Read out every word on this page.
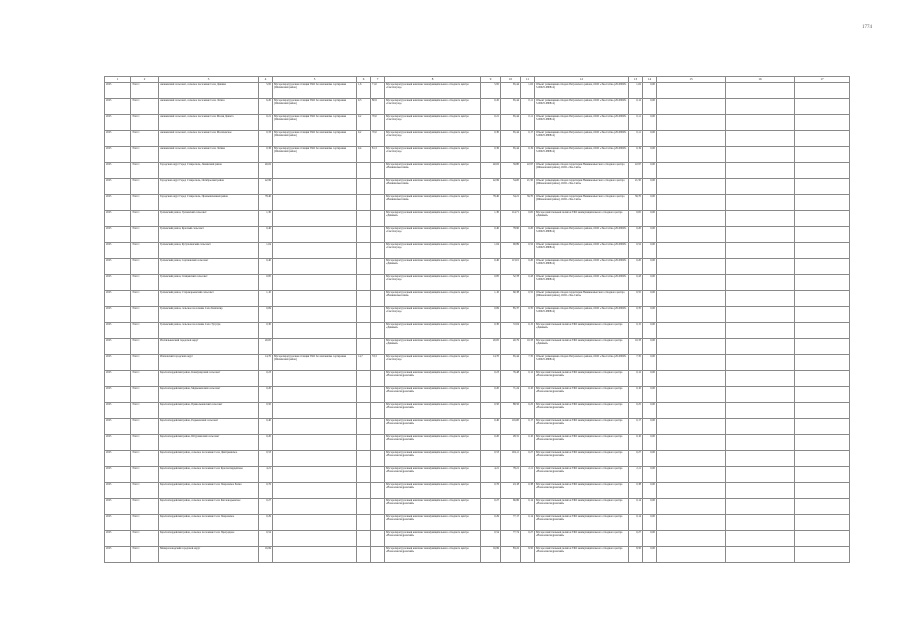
1774
1	2	3	4	5	6	7	8	9	10	11	12	13	14	15	16	17
2025	Этап 1	Акашевский сельсовет, сельское поселение Село Дашино	5,95	Мусороперегрузочная станция ТКО без механизма сортировки (Шалинский район)	1,6	71,0	Мусороперегрузочный комплекс межмуниципального отходного центра «Светлоград»	5,95	65,44	1,02	Объект размещения отходов Петровского района, ООО «Эко-Сити» (26-00028-З-00025-080814)	1,02	0,00			
2025	Этап 1	Акашевский сельсовет, сельское поселение Село Латиза	6,20	Мусороперегрузочная станция ТКО без механизма сортировки (Шалинский район)	0,3	80,9	Мусороперегрузочный комплекс межмуниципального отходного центра «Светлоград»	0,45	65,44	0,11	Объект размещения отходов Петровского района, ООО «Эко-Сити» (26-00028-З-00025-080814)	0,12	0,00			
2025	Этап 1	Акашевский сельсовет, сельское поселение Село Малая Дашета	0,21	Мусороперегрузочная станция ТКО без механизма сортировки (Шалинский район)	0,2	70,0	Мусороперегрузочный комплекс межмуниципального отходного центра «Светлоград»	0,21	65,44	0,11	Объект размещения отходов Петровского района, ООО «Эко-Сити» (26-00028-З-00025-080814)	0,11	0,00			
2025	Этап 1	Акашевский сельсовет, сельское поселение Село Малачевское	0,33	Мусороперегрузочная станция ТКО без механизма сортировки (Шалинский район)	0,2	70,0	Мусороперегрузочный комплекс межмуниципального отходного центра «Светлоград»	0,30	65,44	0,17	Объект размещения отходов Петровского района, ООО «Эко-Сити» (26-00028-З-00025-080814)	0,11	0,00			
2025	Этап 1	Акашевский сельсовет, сельское поселение Село Латино	0,36	Мусороперегрузочная станция ТКО без механизма сортировки (Шалинский район)	0,4	81,3	Мусороперегрузочный комплекс межмуниципального отходного центра «Светлоград»	0,36	65,44	0,19	Объект размещения отходов Петровского района, ООО «Эко-Сити» (26-00028-З-00025-080814)	0,19	0,00			
2025	Этап 1	Городской округ Город Ставрополь, Ленинский район	40,02				Мусороперегрузочный комплекс межмуниципального отходного центра «Невинномысский»	40,02	59,80	22,97	Объект размещения отходов территории Невинномысского отходного центра (Шпаковский район), ООО «Эко-Сити»	22,97	0,00			
2025	Этап 1	Городской округ Город Ставрополь, Октябрьский район	42,99				Мусороперегрузочный комплекс межмуниципального отходного центра «Невинномысский»	42,99	34,00	21,50	Объект размещения отходов территории Невинномысского отходного центра (Шпаковский район), ООО «Эко-Сити»	21,50	0,00			
2025	Этап 1	Городской округ Город Ставрополь, Промышленный район	78,40				Мусороперегрузочный комплекс межмуниципального отходного центра «Невинномысский»	78,40	34,21	39,70	Объект размещения отходов территории Невинномысского отходного центра (Шпаковский район), ООО «Эко-Сити»	39,70	0,00			
2025	Этап 1	Грачевский район, Грачевский сельсовет	1,30				Мусороперегрузочный комплекс межмуниципального отходного центра «Дивный»	1,30	114,71	0,65	Мусоросжигательный полигон ТБО межмуниципального отходного центра «Дивный»	0,65	0,00			
2025	Этап 1	Грачевский район, Красный сельсовет	0,40				Мусороперегрузочный комплекс межмуниципального отходного центра «Светлоград»	0,40	78,90	0,20	Объект размещения отходов Петровского района, ООО «Эко-Сити» (26-00028-З-00025-080814)	0,20	0,00			
2025	Этап 1	Грачевский район, Кугультинский сельсовет	1,04				Мусороперегрузочный комплекс межмуниципального отходного центра «Светлоград»	1,04	90,89	0,52	Объект размещения отходов Петровского района, ООО «Эко-Сити» (26-00028-З-00025-080814)	0,52	0,00			
2025	Этап 1	Грачевский район, Сергиевский сельсовет	0,40				Мусороперегрузочный комплекс межмуниципального отходного центра «Дивный»	0,40	113,01	0,20	Объект размещения отходов Петровского района, ООО «Эко-Сити» (26-00028-З-00025-080814)	0,20	0,00			
2025	Этап 1	Грачевский район, Спицевский сельсовет	0,85				Мусороперегрузочный комплекс межмуниципального отходного центра «Светлоград»	0,85	52,78	0,43	Объект размещения отходов Петровского района, ООО «Эко-Сити» (26-00028-З-00025-080814)	0,43	0,00			
2025	Этап 1	Грачевский район, Старомарьевский сельсовет	1,10				Мусороперегрузочный комплекс межмуниципального отходного центра «Невинномысский»	1,10	60,38	0,55	Объект размещения отходов территории Невинномысского отходного центра (Шпаковский район), ООО «Эко-Сити»	0,55	0,00			
2025	Этап 1	Грачевский район, сельское поселение Село Бешпагир	0,69				Мусороперегрузочный комплекс межмуниципального отходного центра «Светлоград»	0,69	85,37	0,35	Объект размещения отходов Петровского района, ООО «Эко-Сити» (26-00028-З-00025-080814)	0,35	0,00			
2025	Этап 1	Грачевский район, сельское поселение Село Тугулук	0,30				Мусороперегрузочный комплекс межмуниципального отходного центра «Дивный»	0,30	72,04	0,15	Мусоросжигательный полигон ТБО межмуниципального отходного центра «Дивный»	0,15	0,00			
2025	Этап 1	Изобильненский городской округ	20,65				Мусороперегрузочный комплекс межмуниципального отходного центра «Дивный»	20,65	40,79	10,33	Мусоросжигательный полигон ТБО межмуниципального отходного центра «Дивный»	10,33	0,00			
2025	Этап 1	Ипатовский городской округ	14,70	Мусороперегрузочная станция ТКО без механизма сортировки (Шалинский район)	14,7	33,3	Мусороперегрузочный комплекс межмуниципального отходного центра «Светлоград»	14,70	65,44	7,35	Объект размещения отходов Петровского района, ООО «Эко-Сити» (26-00028-З-00025-080814)	7,35	0,00			
2025	Этап 1	Красногвардейский район, Коммунарский сельсовет	0,23				Мусороперегрузочный комплекс межмуниципального отходного центра «Новоалександровский»	0,23	76,48	0,12	Мусоросжигательный полигон ТБО межмуниципального отходного центра «Новоалександровский»	0,12	0,00			
2025	Этап 1	Красногвардейский район, Медвеженский сельсовет	0,20				Мусороперегрузочный комплекс межмуниципального отходного центра «Новоалександровский»	0,20	71,24	0,10	Мусоросжигательный полигон ТБО межмуниципального отходного центра «Новоалександровский»	0,10	0,00			
2025	Этап 1	Красногвардейский район, Привольненский сельсовет	0,50				Мусороперегрузочный комплекс межмуниципального отходного центра «Новоалександровский»	0,50	88,56	0,25	Мусоросжигательный полигон ТБО межмуниципального отходного центра «Новоалександровский»	0,25	0,00			
2025	Этап 1	Красногвардейский район, Родыковский сельсовет	0,40				Мусороперегрузочный комплекс межмуниципального отходного центра «Новоалександровский»	0,40	116,00	0,17	Мусоросжигательный полигон ТБО межмуниципального отходного центра «Новоалександровский»	0,17	0,00			
2025	Этап 1	Красногвардейский район, Штурманский сельсовет	0,20				Мусороперегрузочный комплекс межмуниципального отходного центра «Новоалександровский»	0,20	28,31	0,10	Мусоросжигательный полигон ТБО межмуниципального отходного центра «Новоалександровский»	0,10	0,00			
2025	Этап 1	Красногвардейский район, сельское поселение Село Дмитриевское	0,53				Мусороперегрузочный комплекс межмуниципального отходного центра «Новоалександровский»	0,53	104,11	0,27	Мусоросжигательный полигон ТБО межмуниципального отходного центра «Новоалександровский»	0,27	0,00			
2025	Этап 1	Красногвардейский район, сельское поселение Село Красногвардейское	4,21				Мусороперегрузочный комплекс межмуниципального отходного центра «Новоалександровский»	4,21	78,21	2,11	Мусоросжигательный полигон ТБО межмуниципального отходного центра «Новоалександровский»	2,11	0,00			
2025	Этап 1	Красногвардейский район, сельское поселение Село Покровское Балка	0,76				Мусороперегрузочный комплекс межмуниципального отходного центра «Новоалександровский»	0,76	43,18	0,38	Мусоросжигательный полигон ТБО межмуниципального отходного центра «Новоалександровский»	0,38	0,00			
2025	Этап 1	Красногвардейский район, сельское поселение Село Кисловодьевское	0,27				Мусороперегрузочный комплекс межмуниципального отходного центра «Новоалександровский»	0,27	66,86	0,14	Мусоросжигательный полигон ТБО межмуниципального отходного центра «Новоалександровский»	0,14	0,00			
2025	Этап 1	Красногвардейский район, сельское поселение Село Покровское	0,29				Мусороперегрузочный комплекс межмуниципального отходного центра «Новоалександровский»	0,29	77,17	0,14	Мусоросжигательный полигон ТБО межмуниципального отходного центра «Новоалександровский»	0,14	0,00			
2025	Этап 1	Красногвардейский район, сельское поселение Село Преградное	0,54				Мусороперегрузочный комплекс межмуниципального отходного центра «Новоалександровский»	0,54	77,74	0,27	Мусоросжигательный полигон ТБО межмуниципального отходного центра «Новоалександровский»	0,27	0,00			
2025	Этап 1	Минераловодский городской округ	16,99				Мусороперегрузочный комплекс межмуниципального отходного центра «Новоалександровский»	16,99	83,22	8,50	Мусоросжигательный полигон ТБО межмуниципального отходного центра «Новоалександровский»	8,50	0,00			
